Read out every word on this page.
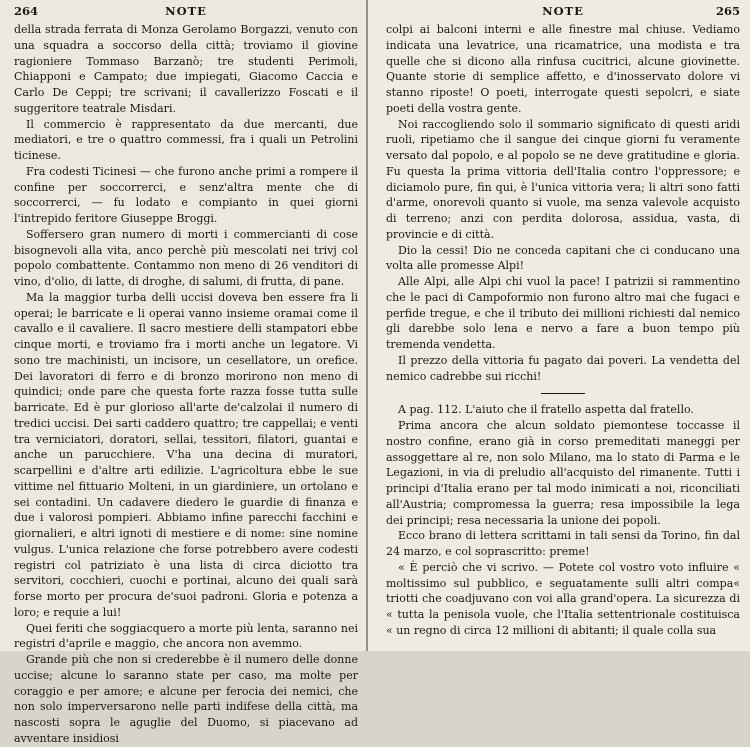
264	NOTE

della strada ferrata di Monza Gerolamo Borgazzi, venuto con una squadra a soccorso della città; troviamo il giovine ragioniere Tommaso Barzanò; tre studenti Perimoli, Chiapponi e Campato; due impiegati, Giacomo Caccia e Carlo De Ceppi; tre scrivani; il cavallerizzo Foscati e il suggeritore teatrale Misdari.

Il commercio è rappresentato da due mercanti, due mediatori, e tre o quattro commessi, fra i quali un Petrolini ticinese.

Fra codesti Ticinesi — che furono anche primi a rompere il confine per soccorrerci, e senz'altra mente che di soccorrerci, — fu lodato e compianto in quei giorni l'intrepido feritore Giuseppe Broggi.

Soffersero gran numero di morti i commercianti di cose bisognevoli alla vita, anco perchè più mescolati nei trivj col popolo combattente. Contammo non meno di 26 venditori di vino, d'olio, di latte, di droghe, di salumi, di frutta, di pane.

Ma la maggior turba delli uccisi doveva ben essere fra li operai; le barricate e li operai vanno insieme oramai come il cavallo e il cavaliere. Il sacro mestiere delli stampatori ebbe cinque morti, e troviamo fra i morti anche un legatore. Vi sono tre machinisti, un incisore, un cesellatore, un orefice. Dei lavoratori di ferro e di bronzo morirono non meno di quindici; onde pare che questa forte razza fosse tutta sulle barricate. Ed è pur glorioso all'arte de'calzolai il numero di tredici uccisi. Dei sarti caddero quattro; tre cappellai; e venti tra verniciatori, doratori, sellai, tessitori, filatori, guantai e anche un parucchiere. V'ha una decina di muratori, scarpellini e d'altre arti edilizie. L'agricoltura ebbe le sue vittime nel fittuario Molteni, in un giardiniere, un ortolano e sei contadini. Un cadavere diedero le guardie di finanza e due i valorosi pompieri. Abbiamo infine parecchi facchini e giornalieri, e altri ignoti di mestiere e di nome: sine nomine vulgus. L'unica relazione che forse potrebbero avere codesti registri col patriziato è una lista di circa diciotto tra servitori, cocchieri, cuochi e portinai, alcuno dei quali sarà forse morto per procura de'suoi padroni. Gloria e potenza a loro; e requie a lui!

Quei feriti che soggiacquero a morte più lenta, saranno nei registri d'aprile e maggio, che ancora non avemmo.

Grande più che non si crederebbe è il numero delle donne uccise; alcune lo saranno state per caso, ma molte per coraggio e per amore; e alcune per ferocia dei nemici, che non solo imperversarono nelle parti indifese della città, ma nascosti sopra le aguglie del Duomo, si piacevano ad avventare insidiosi

NOTE	265

colpi ai balconi interni e alle finestre mal chiuse. Vediamo indicata una levatrice, una ricamatrice, una modista e tra quelle che si dicono alla rinfusa cucitrici, alcune giovinette. Quante storie di semplice affetto, e d'inosservato dolore vi stanno riposte! O poeti, interrogate questi sepolcri, e siate poeti della vostra gente.

Noi raccogliendo solo il sommario significato di questi aridi ruoli, ripetiamo che il sangue dei cinque giorni fu veramente versato dal popolo, e al popolo se ne deve gratitudine e gloria. Fu questa la prima vittoria dell'Italia contro l'oppressore; e diciamolo pure, fin qui, è l'unica vittoria vera; li altri sono fatti d'arme, onorevoli quanto si vuole, ma senza valevole acquisto di terreno; anzi con perdita dolorosa, assidua, vasta, di provincie e di città.

Dio la cessi! Dio ne conceda capitani che ci conducano una volta alle promesse Alpi!

Alle Alpi, alle Alpi chi vuol la pace! I patrizii si rammentino che le paci di Campoformio non furono altro mai che fugaci e perfide tregue, e che il tributo dei millioni richiesti dal nemico gli darebbe solo lena e nervo a fare a buon tempo più tremenda vendetta.

Il prezzo della vittoria fu pagato dai poveri. La vendetta del nemico cadrebbe sui ricchi!

A pag. 112. L'aiuto che il fratello aspetta dal fratello.

Prima ancora che alcun soldato piemontese toccasse il nostro confine, erano già in corso premeditati maneggi per assoggettare al re, non solo Milano, ma lo stato di Parma e le Legazioni, in via di preludio all'acquisto del rimanente. Tutti i principi d'Italia erano per tal modo inimicati a noi, riconciliati all'Austria; compromessa la guerra; resa impossibile la lega dei principi; resa necessaria la unione dei popoli.

Ecco brano di lettera scrittami in tali sensi da Torino, fin dal 24 marzo, e col soprascritto: preme!

« È perciò che vi scrivo. — Potete col vostro voto influire « moltissimo sul pubblico, e seguatamente sulli altri compa« triotti che coadjuvano con voi alla grand'opera. La sicurezza di « tutta la penisola vuole, che l'Italia settentrionale costituisca « un regno di circa 12 millioni di abitanti; il quale colla sua
